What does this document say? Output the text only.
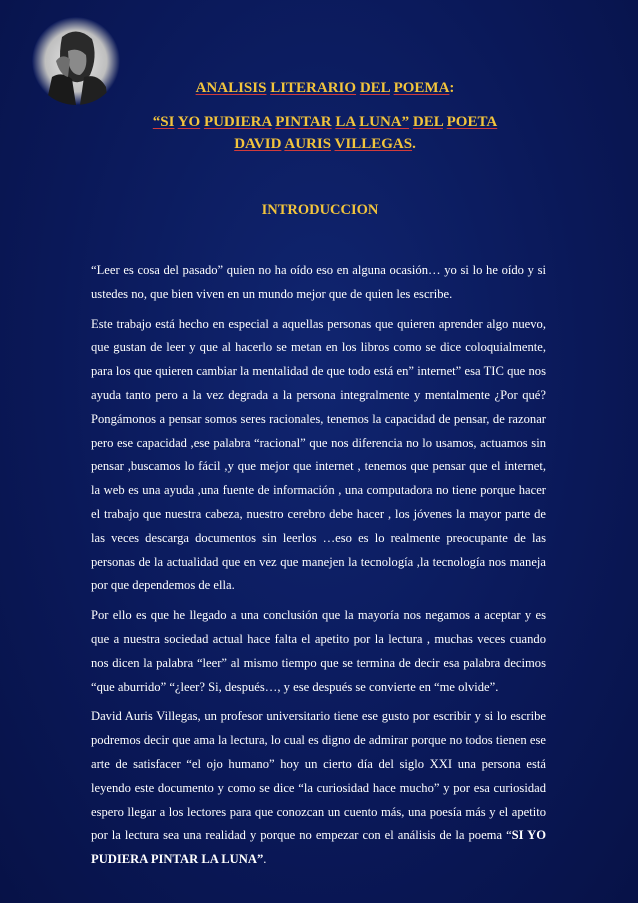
ANALISIS LITERARIO DEL POEMA:
“SI YO PUDIERA PINTAR LA LUNA” DEL POETA
DAVID AURIS VILLEGAS.
INTRODUCCION

“Leer es cosa del pasado” quien no ha oído eso en alguna ocasión… yo si lo he oído y si ustedes no, que bien viven en un mundo mejor que de quien les escribe.

Este trabajo está hecho en especial a aquellas personas que quieren aprender algo nuevo, que gustan de leer y que al hacerlo se metan en los libros como se dice coloquialmente, para los que quieren cambiar la mentalidad de que todo está en” internet” esa TIC que nos ayuda tanto pero a la vez degrada a la persona integralmente y mentalmente ¿Por qué? Pongámonos a pensar somos seres racionales, tenemos la capacidad de pensar, de razonar pero ese capacidad ,ese palabra “racional” que nos diferencia no lo usamos, actuamos sin pensar ,buscamos lo fácil ,y que mejor que internet , tenemos que pensar que el internet, la web es una ayuda ,una fuente de información , una computadora no tiene porque hacer el trabajo que nuestra cabeza, nuestro cerebro debe hacer , los jóvenes la mayor parte de las veces descarga documentos sin leerlos …eso es lo realmente preocupante de las personas de la actualidad que en vez que manejen la tecnología ,la tecnología nos maneja por que dependemos de ella.

Por ello es que he llegado a una conclusión que la mayoría nos negamos a aceptar y es que a nuestra sociedad actual hace falta el apetito por la lectura , muchas veces cuando nos dicen la palabra “leer” al mismo tiempo que se termina de decir esa palabra decimos “que aburrido” “¿leer? Si, después…, y ese después se convierte en “me olvide”.

David Auris Villegas, un profesor universitario tiene ese gusto por escribir y si lo escribe podremos decir que ama la lectura, lo cual es digno de admirar porque no todos tienen ese arte de satisfacer “el ojo humano” hoy un cierto día del siglo XXI una persona está leyendo este documento y como se dice “la curiosidad hace mucho” y por esa curiosidad espero llegar a los lectores para que conozcan un cuento más, una poesía más y el apetito por la lectura sea una realidad y porque no empezar con el análisis de la poema “SI YO PUDIERA PINTAR LA LUNA”.
